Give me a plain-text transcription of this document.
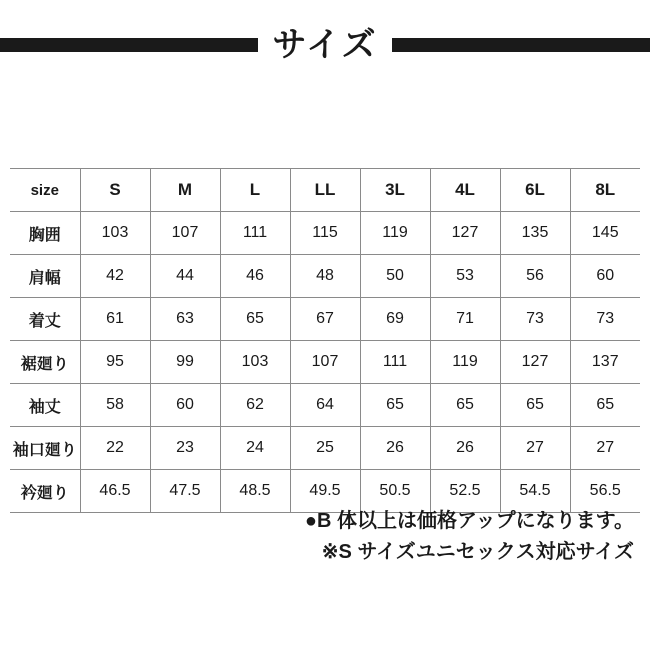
サイズ
size	S	M	L	LL	3L	4L	6L	8L
胸囲	103	107	111	115	119	127	135	145
肩幅	42	44	46	48	50	53	56	60
着丈	61	63	65	67	69	71	73	73
裾廻り	95	99	103	107	111	119	127	137
袖丈	58	60	62	64	65	65	65	65
袖口廻り	22	23	24	25	26	26	27	27
衿廻り	46.5	47.5	48.5	49.5	50.5	52.5	54.5	56.5
●B 体以上は価格アップになります。
※S サイズユニセックス対応サイズ
